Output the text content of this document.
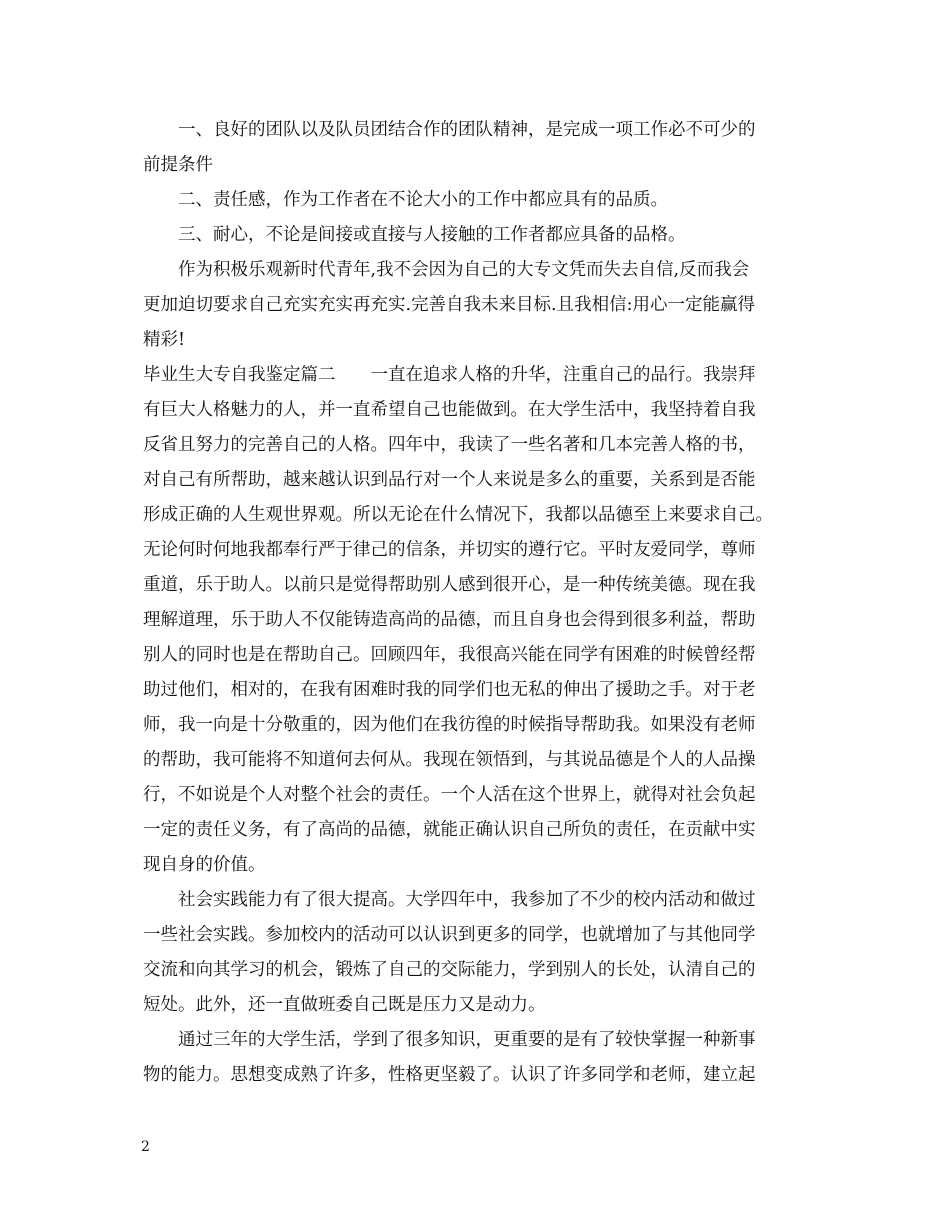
一、良好的团队以及队员团结合作的团队精神，是完成一项工作必不可少的
前提条件
二、责任感，作为工作者在不论大小的工作中都应具有的品质。
三、耐心，不论是间接或直接与人接触的工作者都应具备的品格。
作为积极乐观新时代青年,我不会因为自己的大专文凭而失去自信,反而我会
更加迫切要求自己充实充实再充实.完善自我未来目标.且我相信:用心一定能赢得
精彩!
毕业生大专自我鉴定篇二　　一直在追求人格的升华，注重自己的品行。我崇拜
有巨大人格魅力的人，并一直希望自己也能做到。在大学生活中，我坚持着自我
反省且努力的完善自己的人格。四年中，我读了一些名著和几本完善人格的书，
对自己有所帮助，越来越认识到品行对一个人来说是多么的重要，关系到是否能
形成正确的人生观世界观。所以无论在什么情况下，我都以品德至上来要求自己。
无论何时何地我都奉行严于律己的信条，并切实的遵行它。平时友爱同学，尊师
重道，乐于助人。以前只是觉得帮助别人感到很开心，是一种传统美德。现在我
理解道理，乐于助人不仅能铸造高尚的品德，而且自身也会得到很多利益，帮助
别人的同时也是在帮助自己。回顾四年，我很高兴能在同学有困难的时候曾经帮
助过他们，相对的，在我有困难时我的同学们也无私的伸出了援助之手。对于老
师，我一向是十分敬重的，因为他们在我彷徨的时候指导帮助我。如果没有老师
的帮助，我可能将不知道何去何从。我现在领悟到，与其说品德是个人的人品操
行，不如说是个人对整个社会的责任。一个人活在这个世界上，就得对社会负起
一定的责任义务，有了高尚的品德，就能正确认识自己所负的责任，在贡献中实
现自身的价值。
社会实践能力有了很大提高。大学四年中，我参加了不少的校内活动和做过
一些社会实践。参加校内的活动可以认识到更多的同学，也就增加了与其他同学
交流和向其学习的机会，锻炼了自己的交际能力，学到别人的长处，认清自己的
短处。此外，还一直做班委自己既是压力又是动力。
通过三年的大学生活，学到了很多知识，更重要的是有了较快掌握一种新事
物的能力。思想变成熟了许多，性格更坚毅了。认识了许多同学和老师，建立起
2
